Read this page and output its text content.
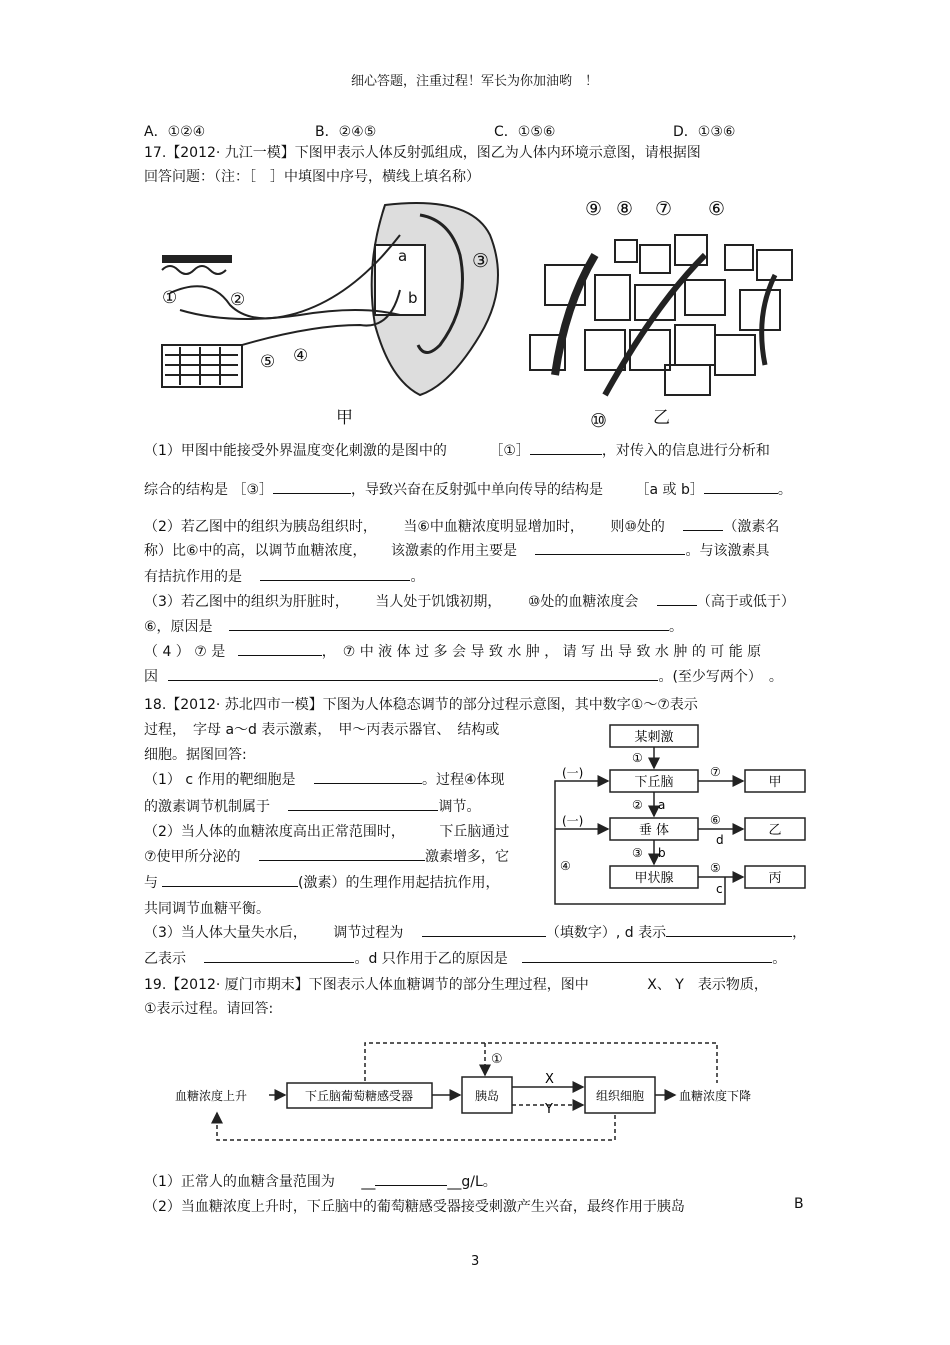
细心答题，注重过程！军长为你加油哟　！
A．①②④	B．②④⑤	C．①⑤⑥	D．①③⑥
17.【2012· 九江一模】下图甲表示人体反射弧组成，图乙为人体内环境示意图，请根据图
回答问题：（注：［　］中填图中序号，横线上填名称）
a
b
①	②
③
④
⑤
甲
⑨ ⑧ ⑦ ⑥
⑩	乙
（1）甲图中能接受外界温度变化刺激的是图中的	［①］	，对传入的信息进行分析和
综合的结构是 ［③］	，导致兴奋在反射弧中单向传导的结构是 ［a 或 b］	。
（2）若乙图中的组织为胰岛组织时， 当⑥中血糖浓度明显增加时， 则⑩处的	（激素名
称）比⑥中的高，以调节血糖浓度， 该激素的作用主要是	。与该激素具
有拮抗作用的是	。
（3）若乙图中的组织为肝脏时， 当人处于饥饿初期， ⑩处的血糖浓度会	（高于或低于）
⑥，原因是	。
（ 4 ） ⑦ 是	，　⑦ 中 液 体 过 多 会 导 致 水 肿 ， 请 写 出 导 致 水 肿 的 可 能 原
因	。(至少写两个）　。
18.【2012· 苏北四市一模】下图为人体稳态调节的部分过程示意图，其中数字①～⑦表示
过程，　字母 a～d 表示激素，　甲～丙表示器官、　结构或
细胞。据图回答:
（1） c 作用的靶细胞是	。过程④体现
的激素调节机制属于	调节。
（2）当人体的血糖浓度高出正常范围时， 下丘脑通过
⑦使甲所分泌的	激素增多，它
与	(激素）的生理作用起拮抗作用，
共同调节血糖平衡。
（3）当人体大量失水后， 调节过程为	（填数字）, d 表示	，
乙表示	。d 只作用于乙的原因是	。
某刺激
下丘脑
垂 体
甲状腺
甲
乙
丙
①
②
③
④	⑤
⑥
⑦
a
b
c
d
(一)
(一)
19.【2012· 厦门市期末】下图表示人体血糖调节的部分生理过程，图中	X、 Y　表示物质，
①表示过程。请回答:
血糖浓度上升	下丘脑葡萄糖感受器	胰岛	组织细胞	血糖浓度下降
X
Y
①
（1）正常人的血糖含量范围为 __	__g/L。
（2）当血糖浓度上升时，下丘脑中的葡萄糖感受器接受刺激产生兴奋，最终作用于胰岛	B
3
